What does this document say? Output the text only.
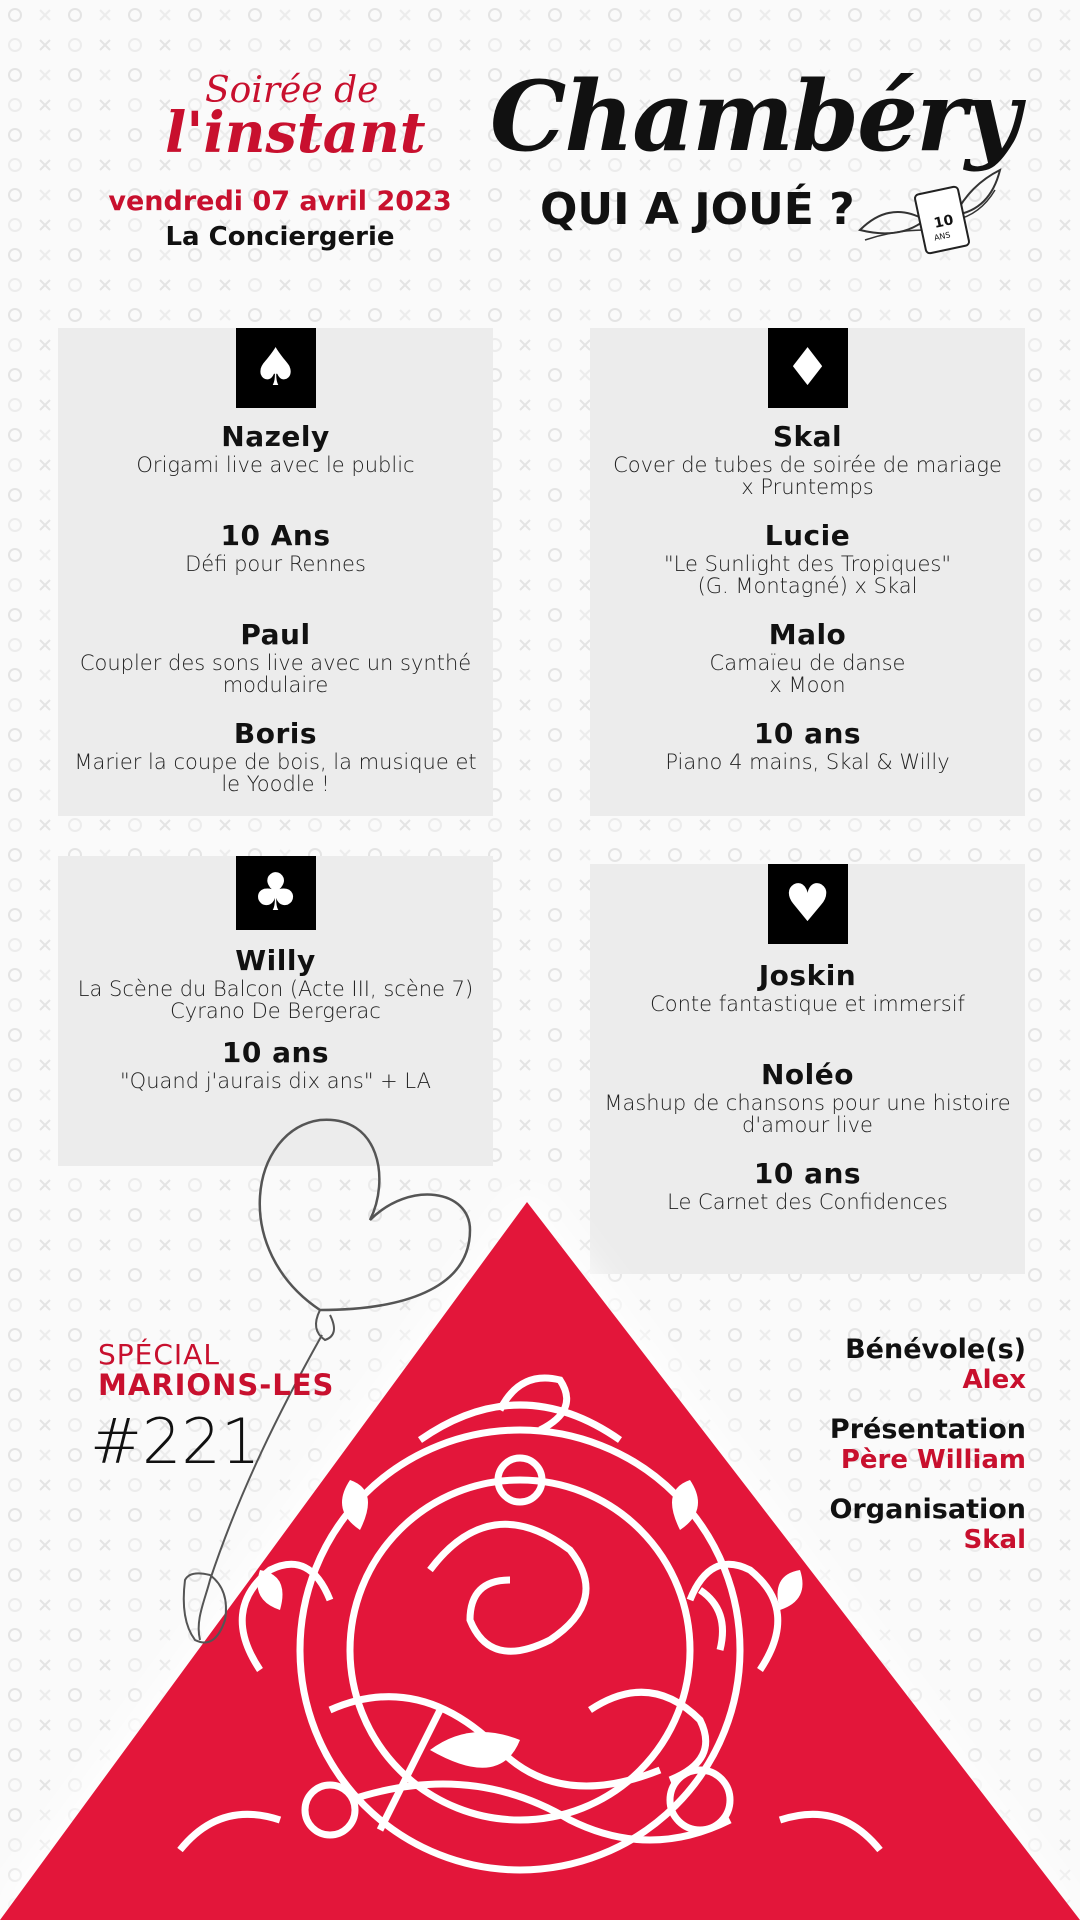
Soirée de
l'instant
vendredi 07 avril 2023
La Conciergerie
Chambéry
QUI A JOUÉ ?	10
ANS
♠
Nazely
Origami live avec le public
10 Ans
Défi pour Rennes
Paul
Coupler des sons live avec un synthé
modulaire
Boris
Marier la coupe de bois, la musique et
le Yoodle !
♦
Skal
Cover de tubes de soirée de mariage
x Pruntemps
Lucie
"Le Sunlight des Tropiques"
(G. Montagné) x Skal
Malo
Camaïeu de danse
x Moon
10 ans
Piano 4 mains, Skal & Willy
♣
Willy
La Scène du Balcon (Acte III, scène 7)
Cyrano De Bergerac
10 ans
"Quand j'aurais dix ans" + LA
♥
Joskin
Conte fantastique et immersif
Noléo
Mashup de chansons pour une histoire
d'amour live
10 ans
Le Carnet des Confidences
SPÉCIAL
MARIONS-LES
#221
Bénévole(s)
Alex
Présentation
Père William
Organisation
Skal
